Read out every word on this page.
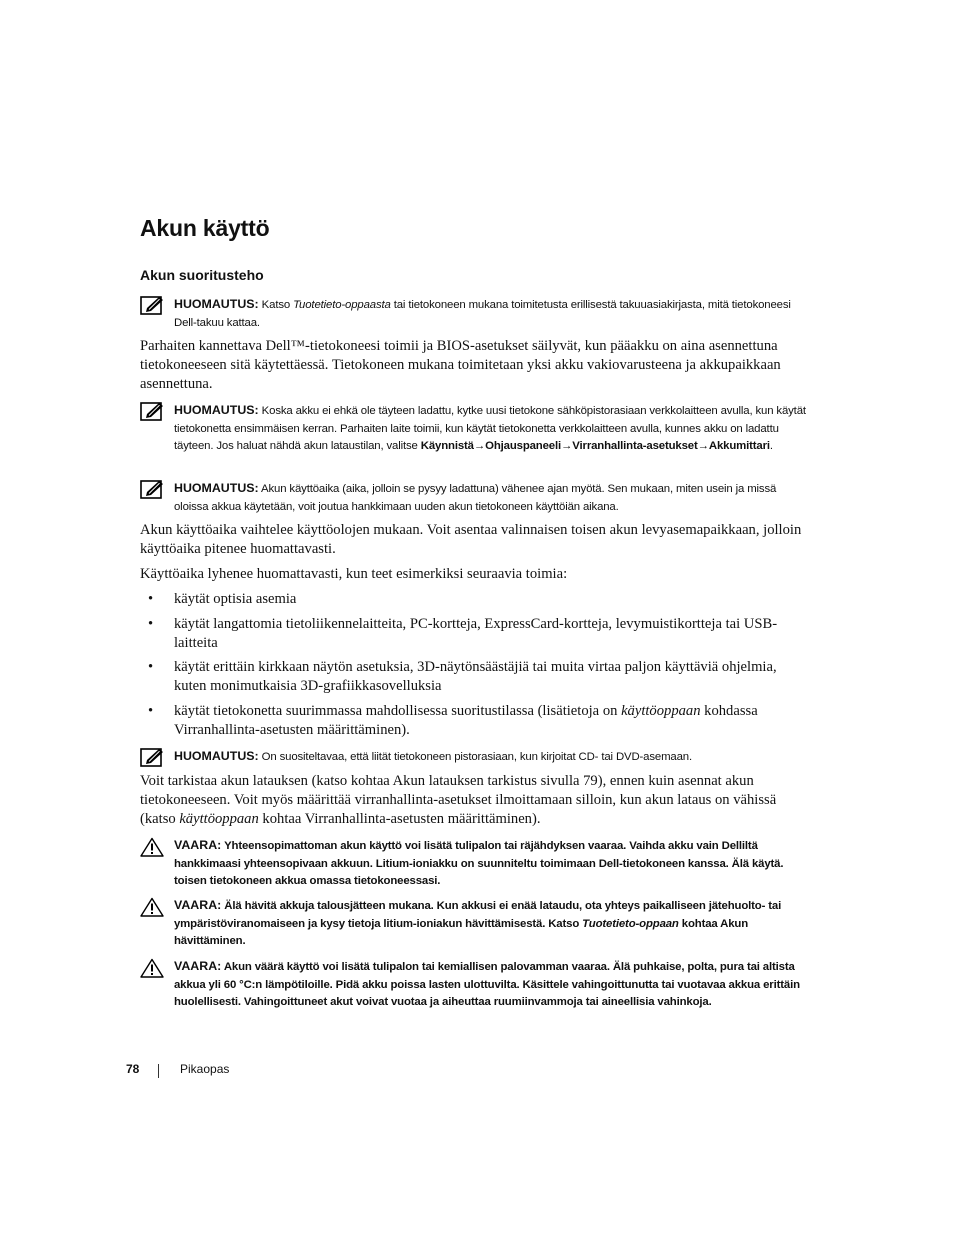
Akun käyttö
Akun suoritusteho
HUOMAUTUS: Katso Tuotetieto-oppaasta tai tietokoneen mukana toimitetusta erillisestä takuuasiakirjasta, mitä tietokoneesi Dell-takuu kattaa.

Parhaiten kannettava Dell™-tietokoneesi toimii ja BIOS-asetukset säilyvät, kun pääakku on aina asennettuna tietokoneeseen sitä käytettäessä. Tietokoneen mukana toimitetaan yksi akku vakiovarusteena ja akkupaikkaan asennettuna.

HUOMAUTUS: Koska akku ei ehkä ole täyteen ladattu, kytke uusi tietokone sähköpistorasiaan verkkolaitteen avulla, kun käytät tietokonetta ensimmäisen kerran. Parhaiten laite toimii, kun käytät tietokonetta verkkolaitteen avulla, kunnes akku on ladattu täyteen. Jos haluat nähdä akun lataustilan, valitse Käynnistä→Ohjauspaneeli→Virranhallinta-asetukset→Akkumittari.
HUOMAUTUS: Akun käyttöaika (aika, jolloin se pysyy ladattuna) vähenee ajan myötä. Sen mukaan, miten usein ja missä oloissa akkua käytetään, voit joutua hankkimaan uuden akun tietokoneen käyttöiän aikana.

Akun käyttöaika vaihtelee käyttöolojen mukaan. Voit asentaa valinnaisen toisen akun levyasemapaikkaan, jolloin käyttöaika pitenee huomattavasti.

Käyttöaika lyhenee huomattavasti, kun teet esimerkiksi seuraavia toimia:

• käytät optisia asemia
• käytät langattomia tietoliikennelaitteita, PC-kortteja, ExpressCard-kortteja, levymuistikortteja tai USB-laitteita
• käytät erittäin kirkkaan näytön asetuksia, 3D-näytönsäästäjiä tai muita virtaa paljon käyttäviä ohjelmia, kuten monimutkaisia 3D-grafiikkasovelluksia
• käytät tietokonetta suurimmassa mahdollisessa suoritustilassa (lisätietoja on käyttöoppaan kohdassa Virranhallinta-asetusten määrittäminen).
HUOMAUTUS: On suositeltavaa, että liität tietokoneen pistorasiaan, kun kirjoitat CD- tai DVD-asemaan.

Voit tarkistaa akun latauksen (katso kohtaa Akun latauksen tarkistus sivulla 79), ennen kuin asennat akun tietokoneeseen. Voit myös määrittää virranhallinta-asetukset ilmoittamaan silloin, kun akun lataus on vähissä (katso käyttöoppaan kohtaa Virranhallinta-asetusten määrittäminen).

VAARA: Yhteensopimattoman akun käyttö voi lisätä tulipalon tai räjähdyksen vaaraa. Vaihda akku vain Delliltä hankkimaasi yhteensopivaan akkuun. Litium-ioniakku on suunniteltu toimimaan Dell-tietokoneen kanssa. Älä käytä. toisen tietokoneen akkua omassa tietokoneessasi.
VAARA: Älä hävitä akkuja talousjätteen mukana. Kun akkusi ei enää lataudu, ota yhteys paikalliseen jätehuolto- tai ympäristöviranomaiseen ja kysy tietoja litium-ioniakun hävittämisestä. Katso Tuotetieto-oppaan kohtaa Akun hävittäminen.
VAARA: Akun väärä käyttö voi lisätä tulipalon tai kemiallisen palovamman vaaraa. Älä puhkaise, polta, pura tai altista akkua yli 60 °C:n lämpötiloille. Pidä akku poissa lasten ulottuvilta. Käsittele vahingoittunutta tai vuotavaa akkua erittäin huolellisesti. Vahingoittuneet akut voivat vuotaa ja aiheuttaa ruumiinvammoja tai aineellisia vahinkoja.
78	Pikaopas
